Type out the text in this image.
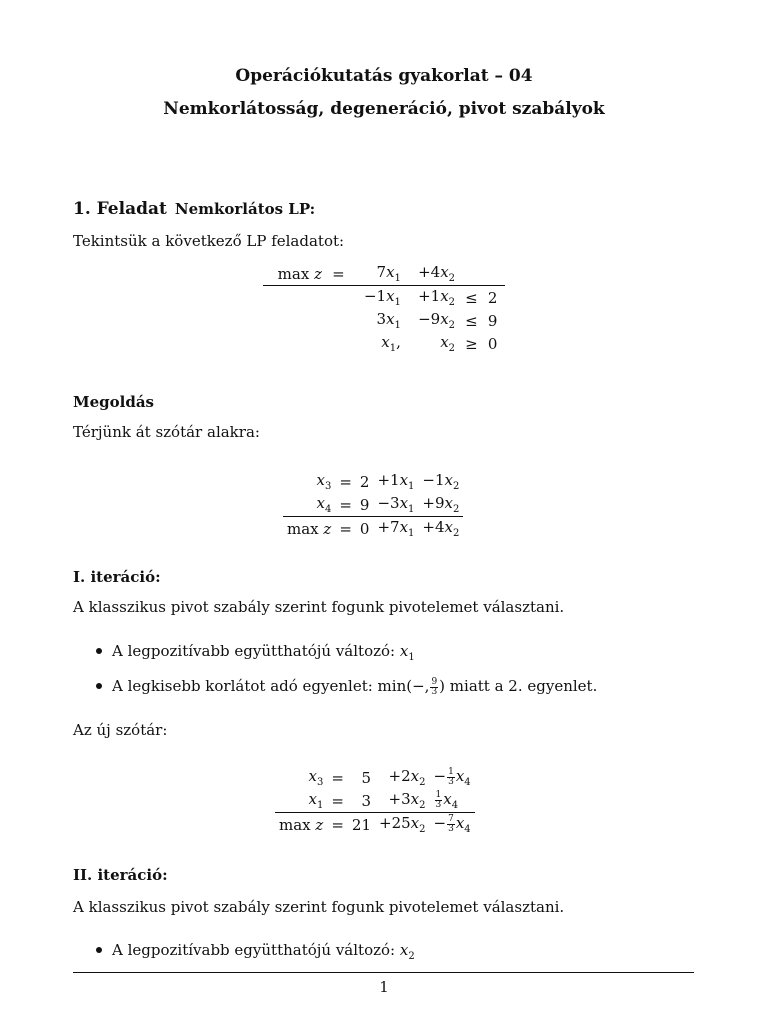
Operációkutatás gyakorlat – 04
Nemkorlátosság, degeneráció, pivot szabályok
1. Feladat Nemkorlátos LP:
Tekintsük a következő LP feladatot:
max z	=	$7x_1$	$+4x_2$		
		$-1x_1$	$+1x_2$	≤	2
		$3x_1$	$-9x_2$	≤	9
		$x_1$,	$x_2$	≥	0
Megoldás
Térjünk át szótár alakra:
$x_3$	=	2	$+1x_1$	$-1x_2$
$x_4$	=	9	$-3x_1$	$+9x_2$
max z	=	0	$+7x_1$	$+4x_2$
I. iteráció:
A klasszikus pivot szabály szerint fogunk pivotelemet választani.
A legpozitívabb együtthatójú változó: $x_1$
A legkisebb korlátot adó egyenlet: min(−, $\frac{9}{3}$ ) miatt a 2. egyenlet.
Az új szótár:
$x_3$	=	5	$+2x_2$	− $\frac{1}{3} x_4$
$x_1$	=	3	$+3x_2$	$\frac{1}{3} x_4$
max z	=	21	$+25x_2$	− $\frac{7}{3} x_4$
II. iteráció:
A klasszikus pivot szabály szerint fogunk pivotelemet választani.
A legpozitívabb együtthatójú változó: $x_2$
1
